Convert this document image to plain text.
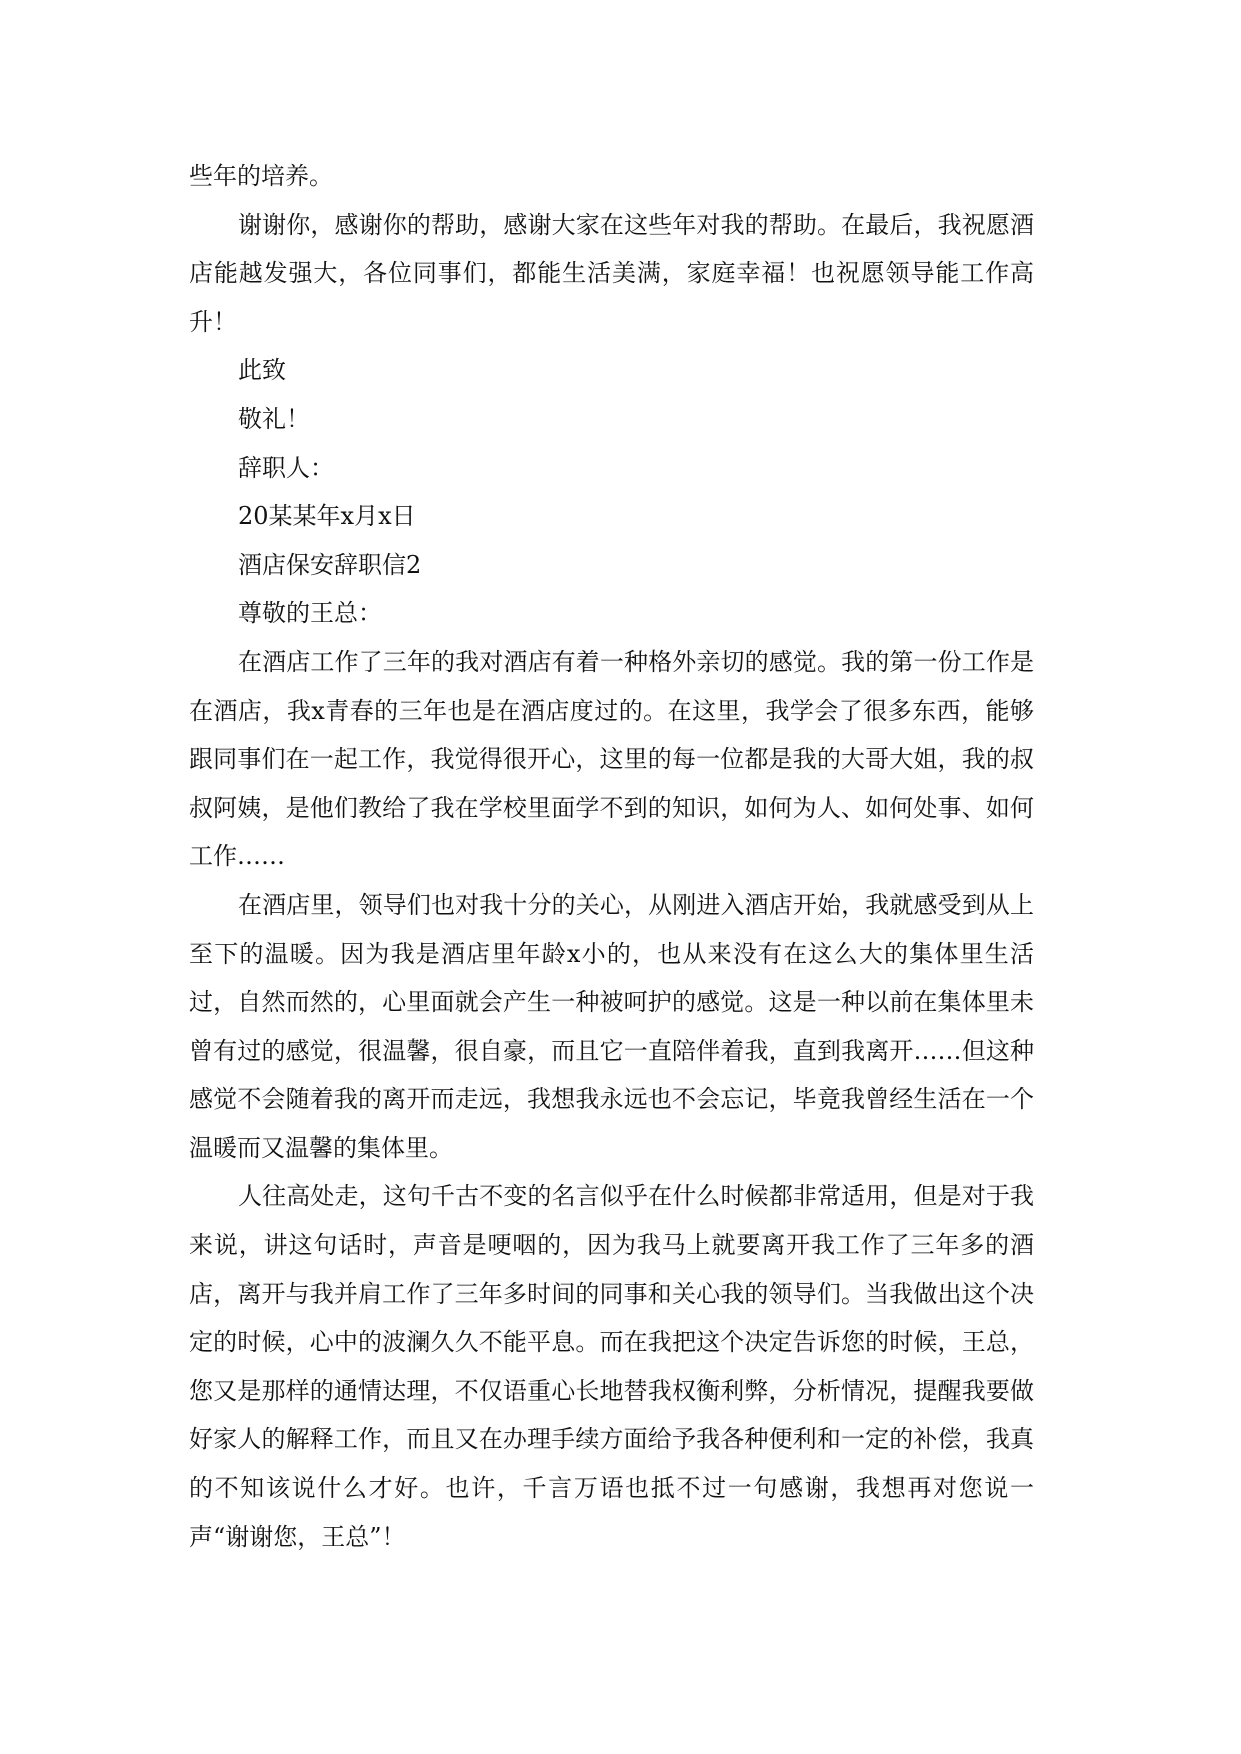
些年的培养。

谢谢你，感谢你的帮助，感谢大家在这些年对我的帮助。在最后，我祝愿酒店能越发强大，各位同事们，都能生活美满，家庭幸福！也祝愿领导能工作高升！

此致

敬礼！

辞职人：

20某某年x月x日

酒店保安辞职信2

尊敬的王总：

在酒店工作了三年的我对酒店有着一种格外亲切的感觉。我的第一份工作是在酒店，我x青春的三年也是在酒店度过的。在这里，我学会了很多东西，能够跟同事们在一起工作，我觉得很开心，这里的每一位都是我的大哥大姐，我的叔叔阿姨，是他们教给了我在学校里面学不到的知识，如何为人、如何处事、如何工作……

在酒店里，领导们也对我十分的关心，从刚进入酒店开始，我就感受到从上至下的温暖。因为我是酒店里年龄x小的，也从来没有在这么大的集体里生活过，自然而然的，心里面就会产生一种被呵护的感觉。这是一种以前在集体里未曾有过的感觉，很温馨，很自豪，而且它一直陪伴着我，直到我离开……但这种感觉不会随着我的离开而走远，我想我永远也不会忘记，毕竟我曾经生活在一个温暖而又温馨的集体里。

人往高处走，这句千古不变的名言似乎在什么时候都非常适用，但是对于我来说，讲这句话时，声音是哽咽的，因为我马上就要离开我工作了三年多的酒店，离开与我并肩工作了三年多时间的同事和关心我的领导们。当我做出这个决定的时候，心中的波澜久久不能平息。而在我把这个决定告诉您的时候，王总，您又是那样的通情达理，不仅语重心长地替我权衡利弊，分析情况，提醒我要做好家人的解释工作，而且又在办理手续方面给予我各种便利和一定的补偿，我真的不知该说什么才好。也许，千言万语也抵不过一句感谢，我想再对您说一声“谢谢您，王总”！
